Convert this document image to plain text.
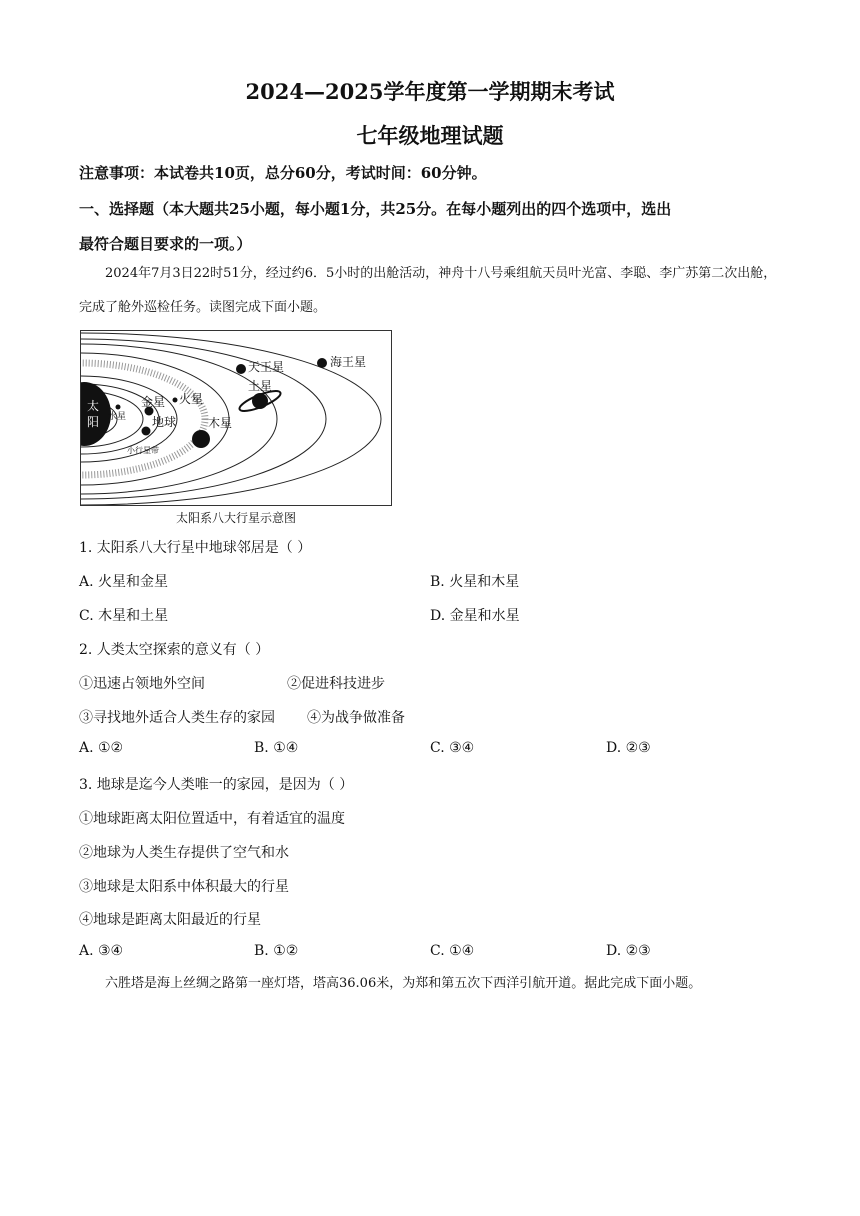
2024—2025学年度第一学期期末考试
七年级地理试题
注意事项：本试卷共10页，总分60分，考试时间：60分钟。
一、选择题（本大题共25小题，每小题1分，共25分。在每小题列出的四个选项中，选出
最符合题目要求的一项。）
2024年7月3日22时51分，经过约6．5小时的出舱活动，神舟十八号乘组航天员叶光富、李聪、李广苏第二次出舱，完成了舱外巡检任务。读图完成下面小题。
太
阳 水星
金星
地球
火星
木星
土星
天王星	海王星
小行星带
太阳系八大行星示意图
1. 太阳系八大行星中地球邻居是（ ）
A. 火星和金星	B. 火星和木星
C. 木星和土星	D. 金星和水星
2. 人类太空探索的意义有（ ）
①迅速占领地外空间	②促进科技进步
③寻找地外适合人类生存的家园 ④为战争做准备
A. ①②	B. ①④	C. ③④	D. ②③
3. 地球是迄今人类唯一的家园，是因为（ ）
①地球距离太阳位置适中，有着适宜的温度
②地球为人类生存提供了空气和水
③地球是太阳系中体积最大的行星
④地球是距离太阳最近的行星
A. ③④	B. ①②	C. ①④	D. ②③
六胜塔是海上丝绸之路第一座灯塔，塔高36.06米，为郑和第五次下西洋引航开道。据此完成下面小题。
